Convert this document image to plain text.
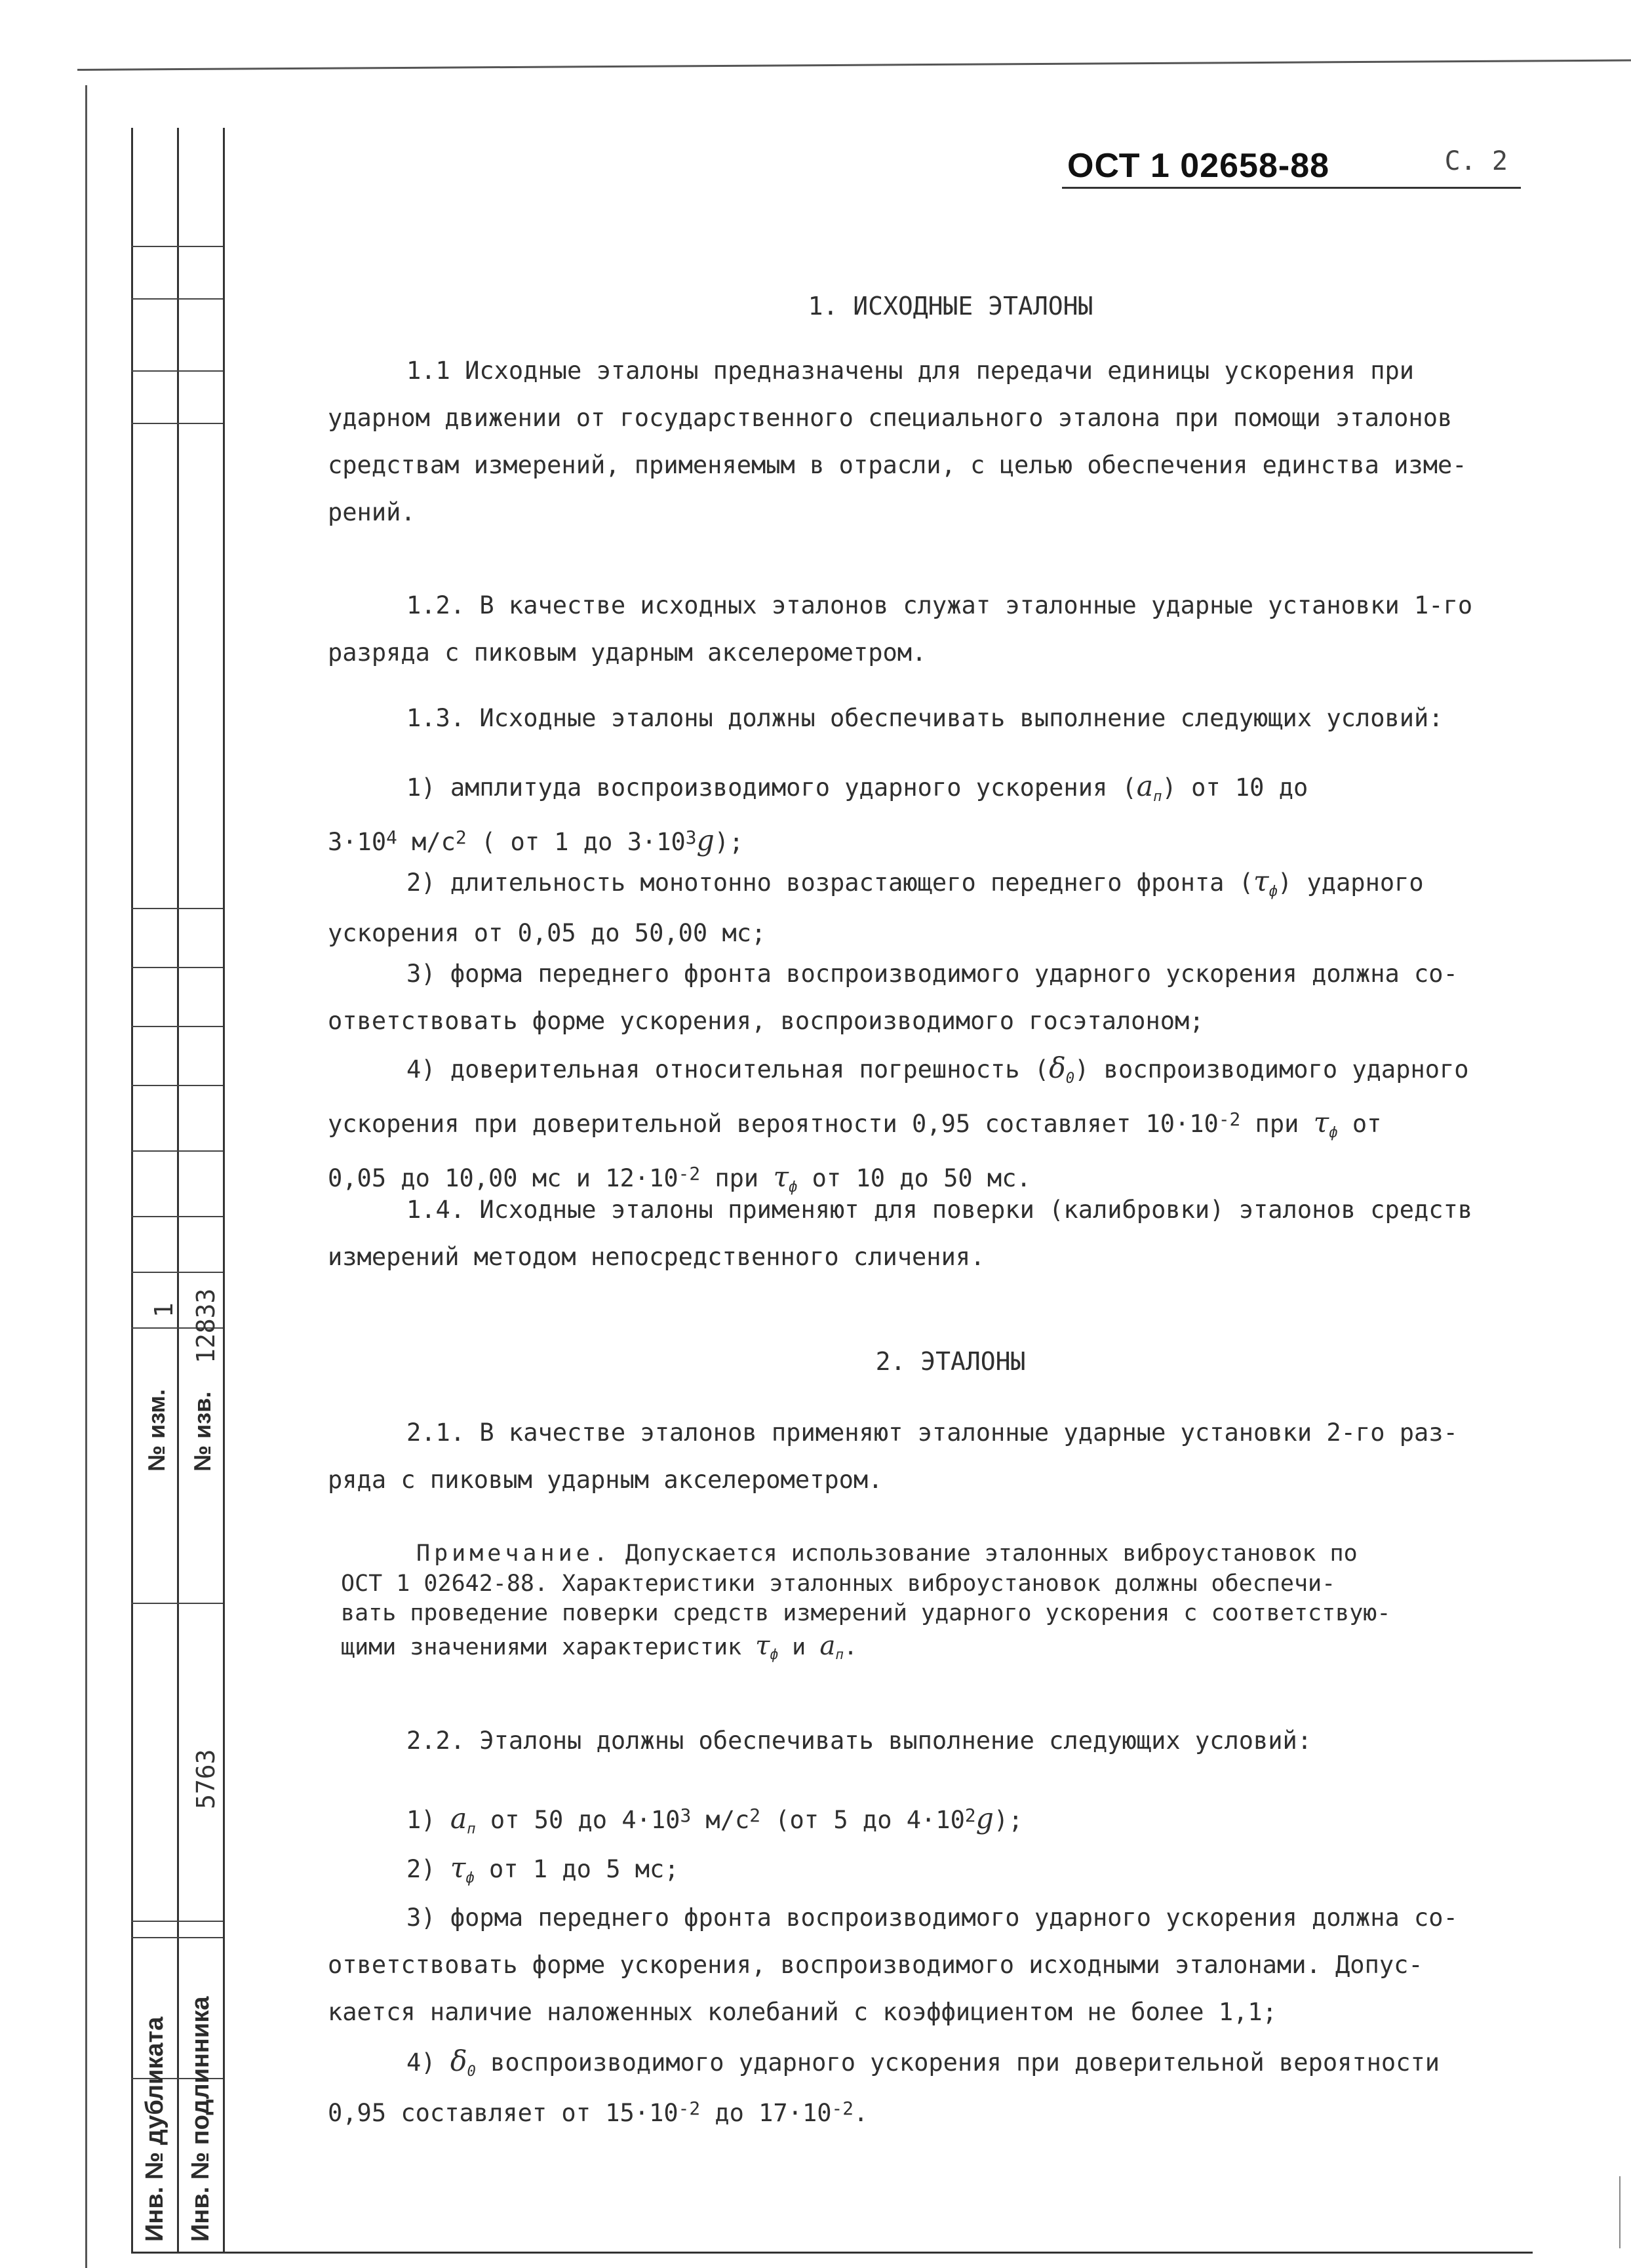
№ изм.
1
№ изв.
12833
5763
Инв. № дубликата Инв. № подлинника
ОСТ 1 02658-88	С. 2
1. ИСХОДНЫЕ ЭТАЛОНЫ
1.1 Исходные эталоны предназначены для передачи единицы ускорения при
ударном движении от государственного специального эталона при помощи эталонов
средствам измерений, применяемым в отрасли, с целью обеспечения единства изме-
рений.
1.2. В качестве исходных эталонов служат эталонные ударные установки 1-го
разряда с пиковым ударным акселерометром.
1.3. Исходные эталоны должны обеспечивать выполнение следующих условий:
1) амплитуда воспроизводимого ударного ускорения $(a_п)$ от 10 до
$3\cdot 10^4$ $м/с^2$ ( от 1 до $3\cdot 10^3g$);
2) длительность монотонно возрастающего переднего фронта $(\tau_ф)$ ударного
ускорения от 0,05 до 50,00 мс;
3) форма переднего фронта воспроизводимого ударного ускорения должна со-
ответствовать форме ускорения, воспроизводимого госэталоном;
4) доверительная относительная погрешность $(\delta_0)$ воспроизводимого ударного
ускорения при доверительной вероятности 0,95 составляет $10\cdot 10^{-2}$ при $\tau_ф$ от
0,05 до 10,00 мс и $12\cdot 10^{-2}$ при $\tau_ф$ от 10 до 50 мс.
1.4. Исходные эталоны применяют для поверки (калибровки) эталонов средств
измерений методом непосредственного сличения.
2. ЭТАЛОНЫ
2.1. В качестве эталонов применяют эталонные ударные установки 2-го раз-
ряда с пиковым ударным акселерометром.
Примечание. Допускается использование эталонных виброустановок по
ОСТ 1 02642-88. Характеристики эталонных виброустановок должны обеспечи-
вать проведение поверки средств измерений ударного ускорения с соответствую-
щими значениями характеристик $\tau_ф$ и $a_п$.
2.2. Эталоны должны обеспечивать выполнение следующих условий:
1) $a_п$ от 50 до $4\cdot 10^3$ $м/с^2$ (от 5 до $4\cdot 10^2g$);
2) $\tau_ф$ от 1 до 5 мс;
3) форма переднего фронта воспроизводимого ударного ускорения должна со-
ответствовать форме ускорения, воспроизводимого исходными эталонами. Допус-
кается наличие наложенных колебаний с коэффициентом не более 1,1;
4) $\delta_0$ воспроизводимого ударного ускорения при доверительной вероятности
0,95 составляет от $15\cdot 10^{-2}$ до $17\cdot 10^{-2}$.
